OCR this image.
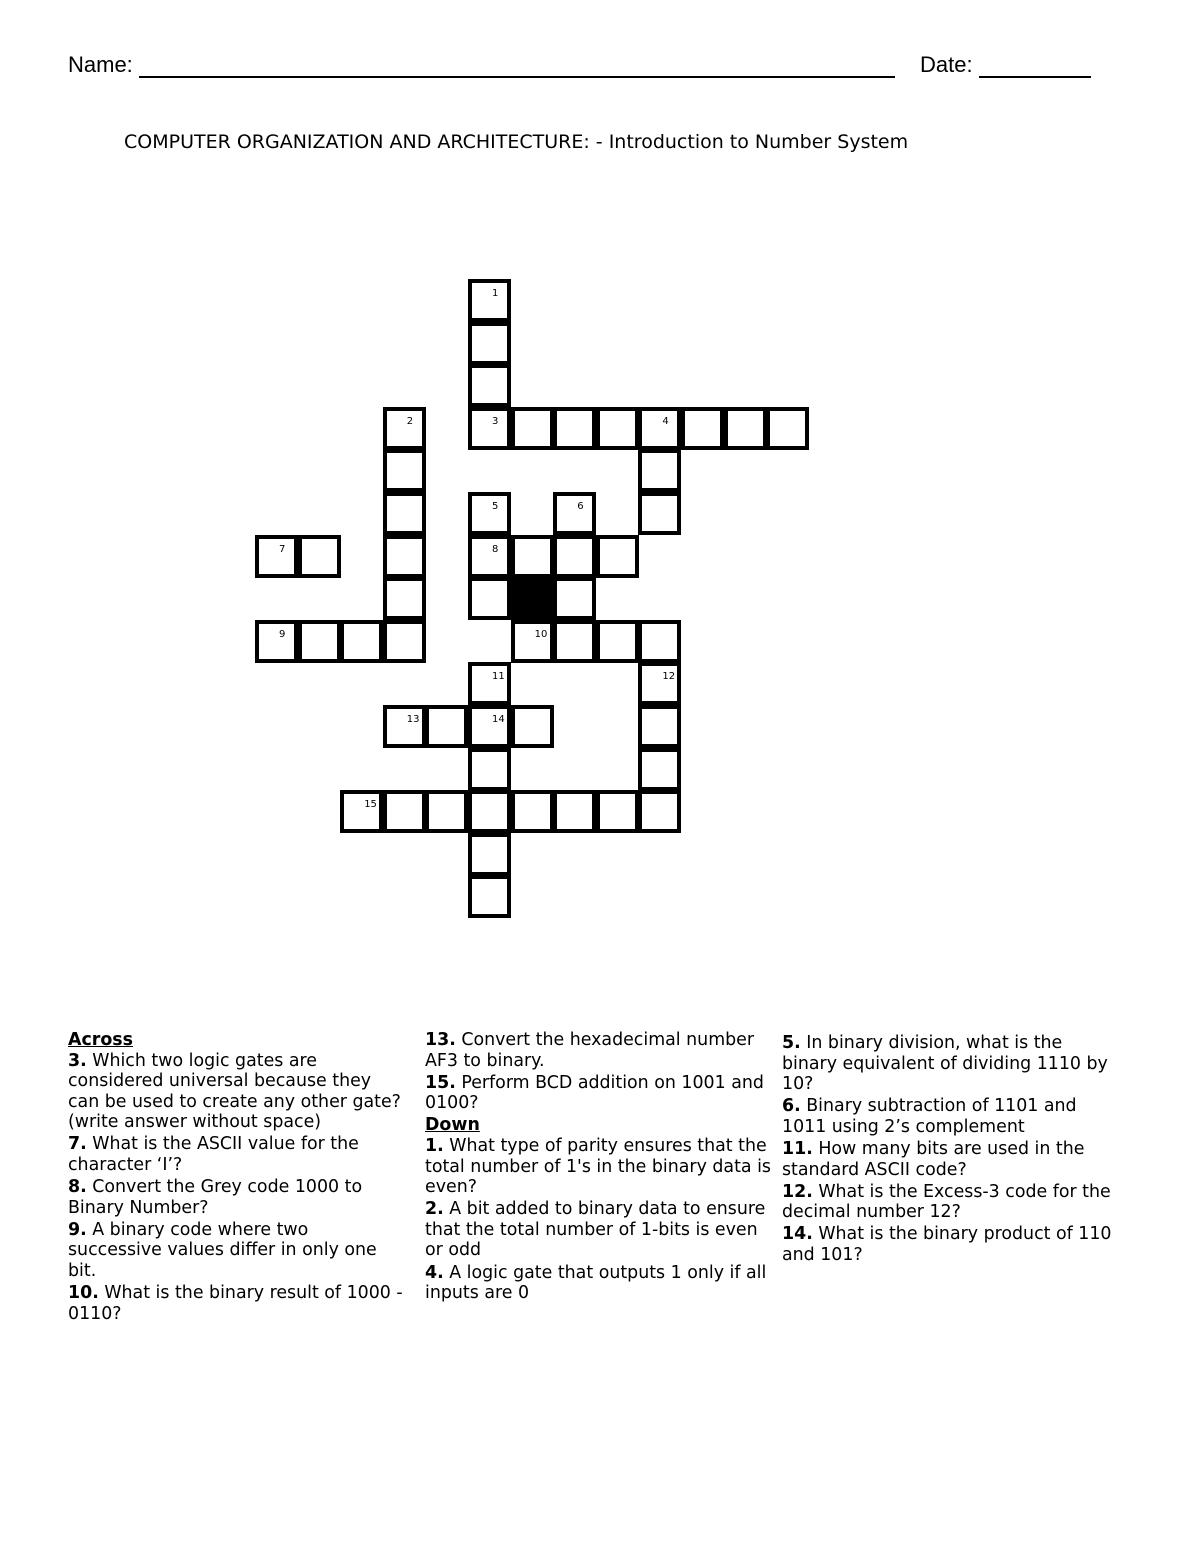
Name:	Date:
COMPUTER ORGANIZATION AND ARCHITECTURE: - Introduction to Number System
1
2	3	4
5	6
7	8
9	10
11	12
13	14
15

Across

3. Which two logic gates are considered universal because they can be used to create any other gate? (write answer without space)

7. What is the ASCII value for the character ‘I’?

8. Convert the Grey code 1000 to Binary Number?

9. A binary code where two successive values differ in only one bit.

10. What is the binary result of 1000 - 0110?

13. Convert the hexadecimal number AF3 to binary.

15. Perform BCD addition on 1001 and 0100?

Down

1. What type of parity ensures that the total number of 1's in the binary data is even?

2. A bit added to binary data to ensure that the total number of 1-bits is even or odd

4. A logic gate that outputs 1 only if all inputs are 0

5. In binary division, what is the binary equivalent of dividing 1110 by 10?

6. Binary subtraction of 1101 and 1011 using 2’s complement

11. How many bits are used in the standard ASCII code?

12. What is the Excess-3 code for the decimal number 12?

14. What is the binary product of 110 and 101?
